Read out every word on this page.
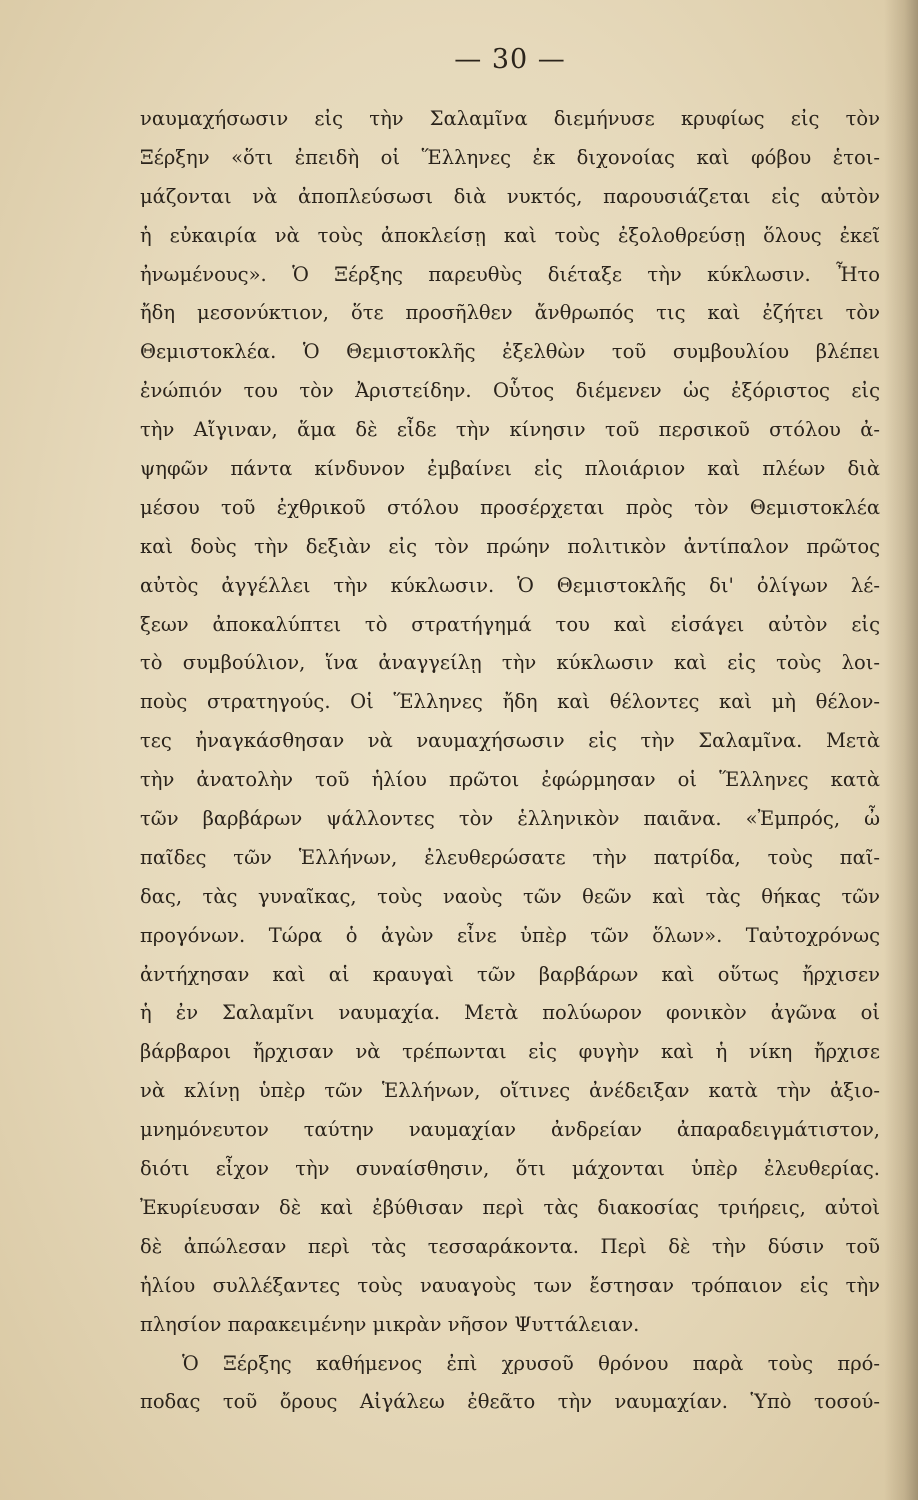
— 30 —
ναυμαχήσωσιν εἰς τὴν Σαλαμῖνα διεμήνυσε κρυφίως εἰς τὸν
Ξέρξην «ὅτι ἐπειδὴ οἱ Ἕλληνες ἐκ διχονοίας καὶ φόβου ἑτοι-
μάζονται νὰ ἀποπλεύσωσι διὰ νυκτός, παρουσιάζεται εἰς αὐτὸν
ἡ εὐκαιρία νὰ τοὺς ἀποκλείσῃ καὶ τοὺς ἐξολοθρεύσῃ ὅλους ἐκεῖ
ἠνωμένους». Ὁ Ξέρξης παρευθὺς διέταξε τὴν κύκλωσιν. Ἦτο
ἤδη μεσονύκτιον, ὅτε προσῆλθεν ἄνθρωπός τις καὶ ἐζήτει τὸν
Θεμιστοκλέα. Ὁ Θεμιστοκλῆς ἐξελθὼν τοῦ συμβουλίου βλέπει
ἐνώπιόν του τὸν Ἀριστείδην. Οὗτος διέμενεν ὡς ἐξόριστος εἰς
τὴν Αἴγιναν, ἅμα δὲ εἶδε τὴν κίνησιν τοῦ περσικοῦ στόλου ἀ-
ψηφῶν πάντα κίνδυνον ἐμβαίνει εἰς πλοιάριον καὶ πλέων διὰ
μέσου τοῦ ἐχθρικοῦ στόλου προσέρχεται πρὸς τὸν Θεμιστοκλέα
καὶ δοὺς τὴν δεξιὰν εἰς τὸν πρώην πολιτικὸν ἀντίπαλον πρῶτος
αὐτὸς ἀγγέλλει τὴν κύκλωσιν. Ὁ Θεμιστοκλῆς δι' ὀλίγων λέ-
ξεων ἀποκαλύπτει τὸ στρατήγημά του καὶ εἰσάγει αὐτὸν εἰς
τὸ συμβούλιον, ἵνα ἀναγγείλῃ τὴν κύκλωσιν καὶ εἰς τοὺς λοι-
ποὺς στρατηγούς. Οἱ Ἕλληνες ἤδη καὶ θέλοντες καὶ μὴ θέλον-
τες ἠναγκάσθησαν νὰ ναυμαχήσωσιν εἰς τὴν Σαλαμῖνα. Μετὰ
τὴν ἀνατολὴν τοῦ ἡλίου πρῶτοι ἐφώρμησαν οἱ Ἕλληνες κατὰ
τῶν βαρβάρων ψάλλοντες τὸν ἑλληνικὸν παιᾶνα. «Ἐμπρός, ὦ
παῖδες τῶν Ἑλλήνων, ἐλευθερώσατε τὴν πατρίδα, τοὺς παῖ-
δας, τὰς γυναῖκας, τοὺς ναοὺς τῶν θεῶν καὶ τὰς θήκας τῶν
προγόνων. Τώρα ὁ ἀγὼν εἶνε ὑπὲρ τῶν ὅλων». Ταὐτοχρόνως
ἀντήχησαν καὶ αἱ κραυγαὶ τῶν βαρβάρων καὶ οὕτως ἤρχισεν
ἡ ἐν Σαλαμῖνι ναυμαχία. Μετὰ πολύωρον φονικὸν ἀγῶνα οἱ
βάρβαροι ἤρχισαν νὰ τρέπωνται εἰς φυγὴν καὶ ἡ νίκη ἤρχισε
νὰ κλίνῃ ὑπὲρ τῶν Ἑλλήνων, οἵτινες ἀνέδειξαν κατὰ τὴν ἀξιο-
μνημόνευτον ταύτην ναυμαχίαν ἀνδρείαν ἀπαραδειγμάτιστον,
διότι εἶχον τὴν συναίσθησιν, ὅτι μάχονται ὑπὲρ ἐλευθερίας.
Ἐκυρίευσαν δὲ καὶ ἐβύθισαν περὶ τὰς διακοσίας τριήρεις, αὐτοὶ
δὲ ἀπώλεσαν περὶ τὰς τεσσαράκοντα. Περὶ δὲ τὴν δύσιν τοῦ
ἡλίου συλλέξαντες τοὺς ναυαγοὺς των ἔστησαν τρόπαιον εἰς τὴν
πλησίον παρακειμένην μικρὰν νῆσον Ψυττάλειαν.
Ὁ Ξέρξης καθήμενος ἐπὶ χρυσοῦ θρόνου παρὰ τοὺς πρό-
ποδας τοῦ ὄρους Αἰγάλεω ἐθεᾶτο τὴν ναυμαχίαν. Ὑπὸ τοσού-
